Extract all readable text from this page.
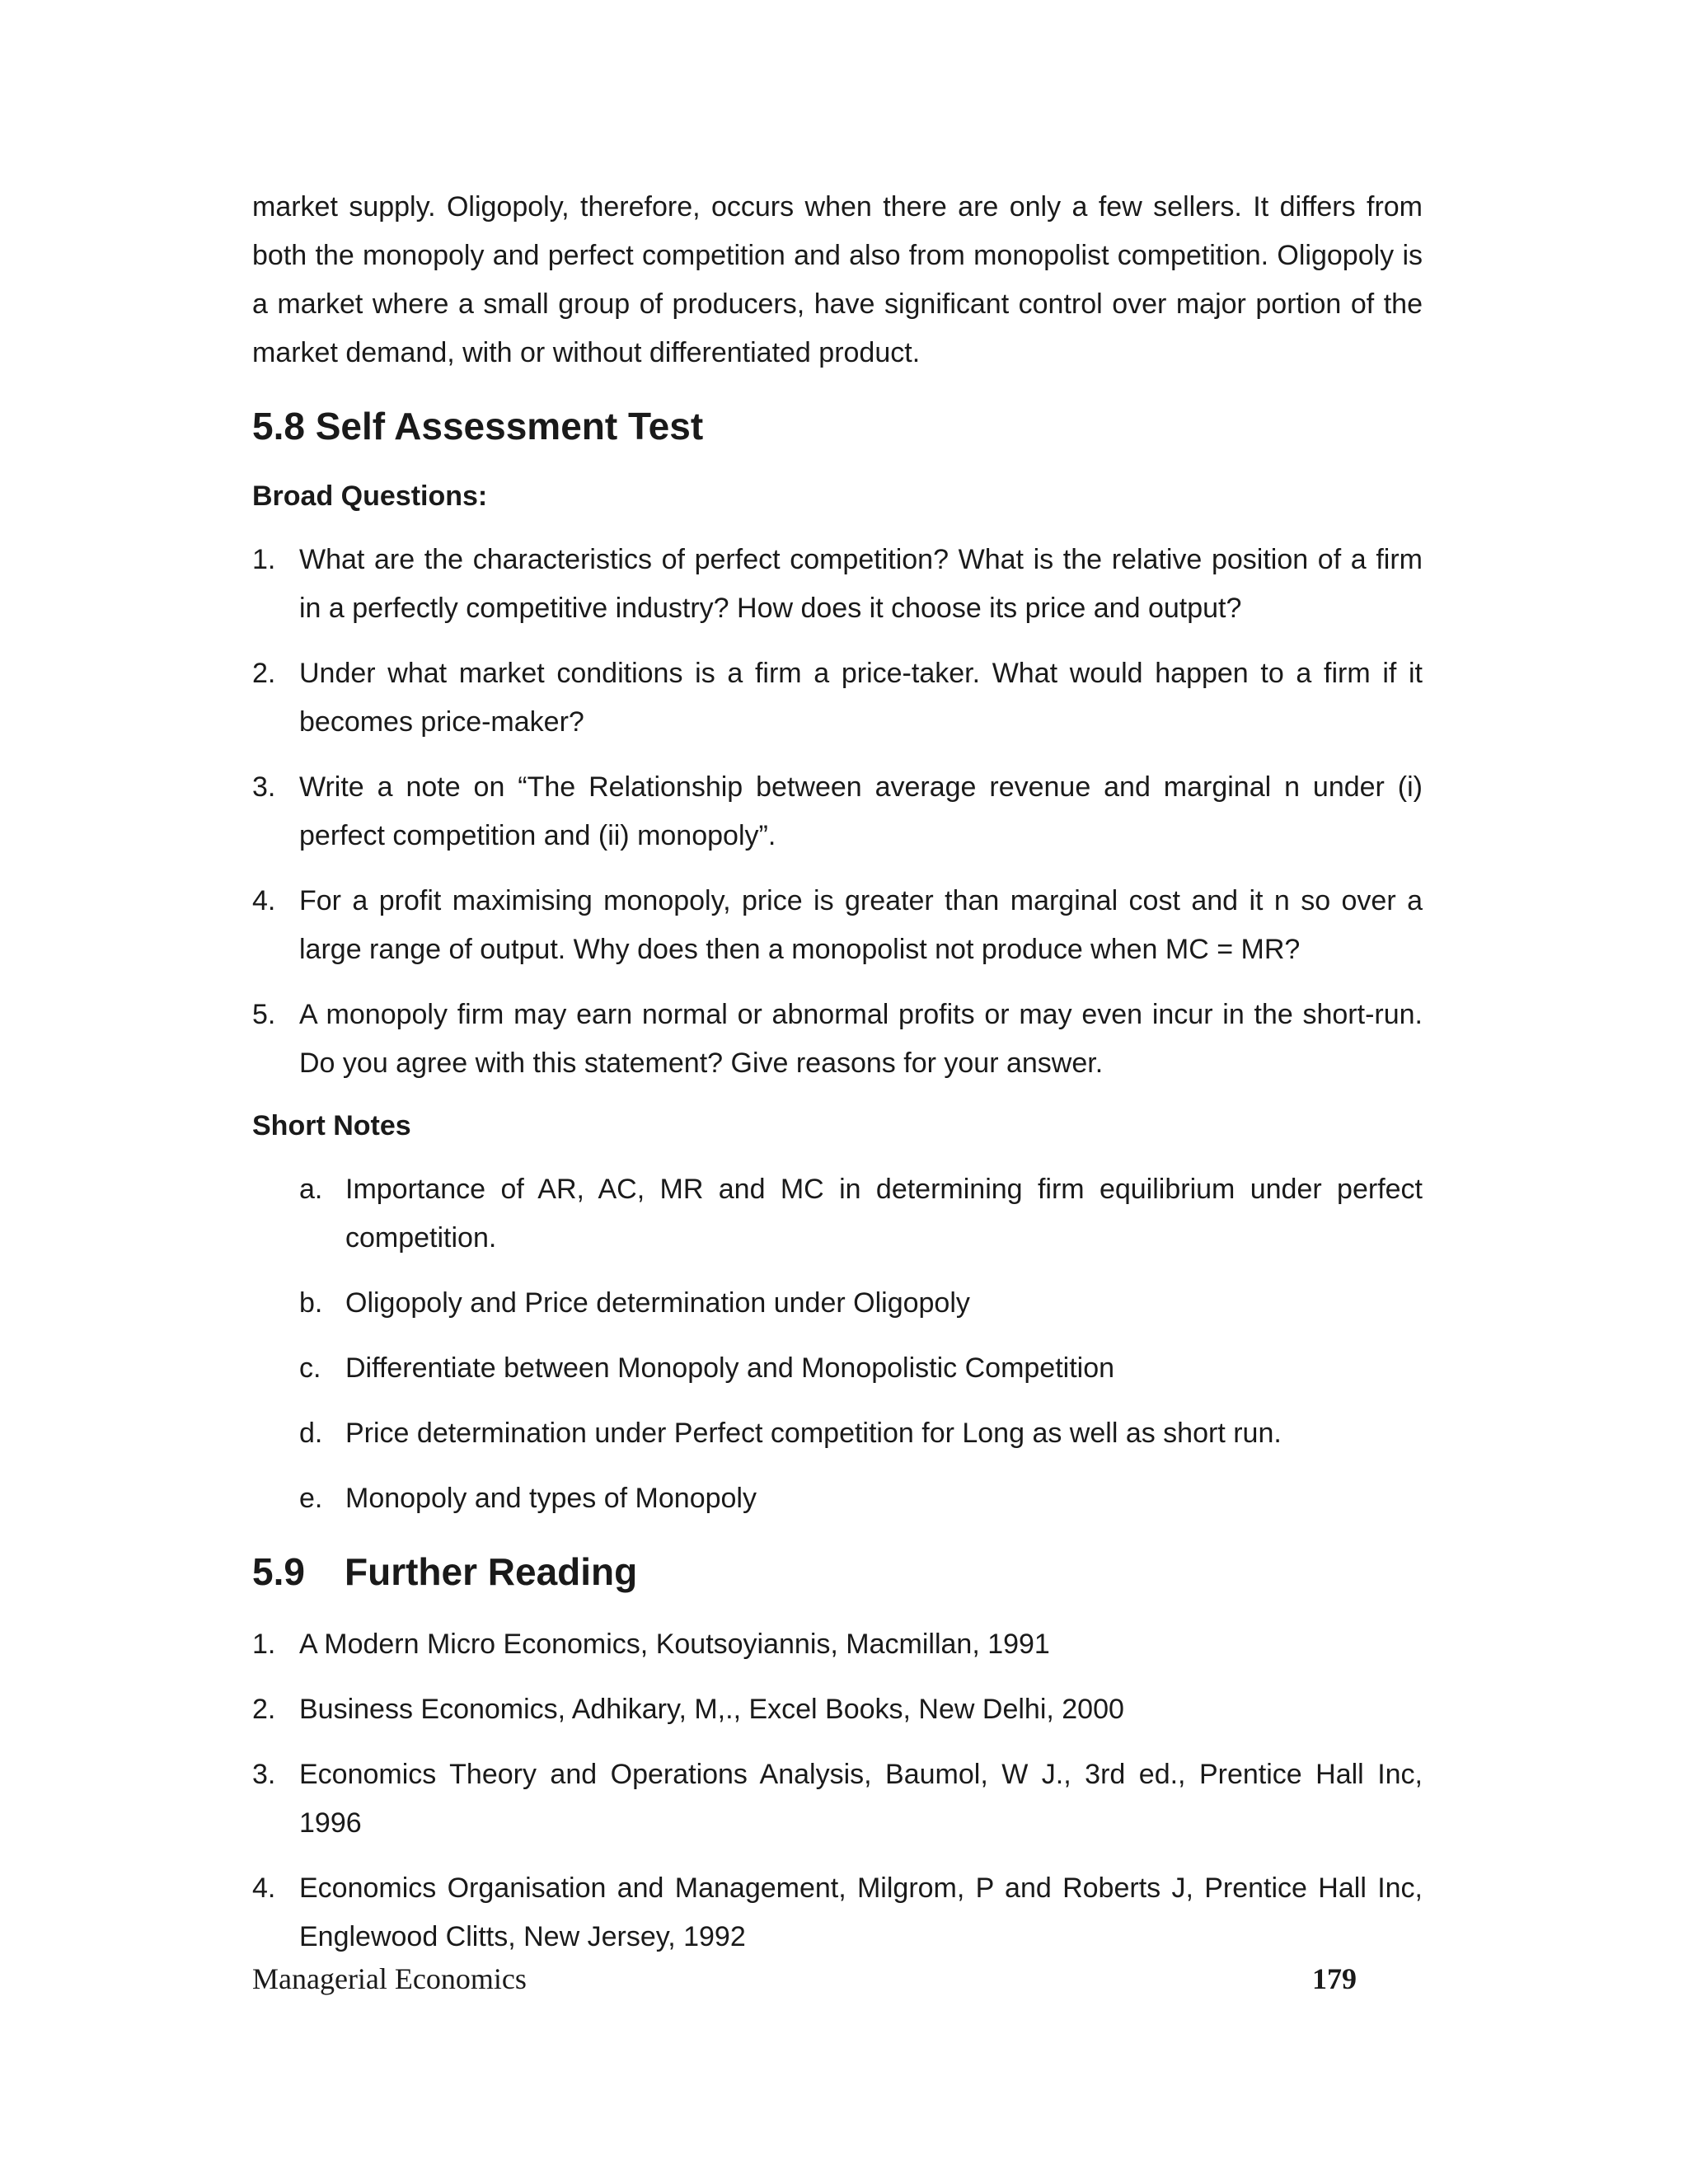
market supply. Oligopoly, therefore, occurs when there are only a few sellers. It differs from both the monopoly and perfect competition and also from monopolist competition. Oligopoly is a market where a small group of producers, have significant control over major portion of the market demand, with or without differentiated product.

5.8 Self Assessment Test
Broad Questions:
1. What are the characteristics of perfect competition? What is the relative position of a firm in a perfectly competitive industry? How does it choose its price and output?
2. Under what market conditions is a firm a price-taker. What would happen to a firm if it becomes price-maker?
3. Write a note on “The Relationship between average revenue and marginal n under (i) perfect competition and (ii) monopoly”.
4. For a profit maximising monopoly, price is greater than marginal cost and it n so over a large range of output. Why does then a monopolist not produce when MC = MR?
5. A monopoly firm may earn normal or abnormal profits or may even incur in the short-run. Do you agree with this statement? Give reasons for your answer.
Short Notes
a. Importance of AR, AC, MR and MC in determining firm equilibrium under perfect competition.
b. Oligopoly and Price determination under Oligopoly
c. Differentiate between Monopoly and Monopolistic Competition
d. Price determination under Perfect competition for Long as well as short run.
e. Monopoly and types of Monopoly
5.9 Further Reading
1. A Modern Micro Economics, Koutsoyiannis, Macmillan, 1991
2. Business Economics, Adhikary, M,., Excel Books, New Delhi, 2000
3. Economics Theory and Operations Analysis, Baumol, W J., 3rd ed., Prentice Hall Inc, 1996
4. Economics Organisation and Management, Milgrom, P and Roberts J, Prentice Hall Inc, Englewood Clitts, New Jersey, 1992
Managerial Economics	179
